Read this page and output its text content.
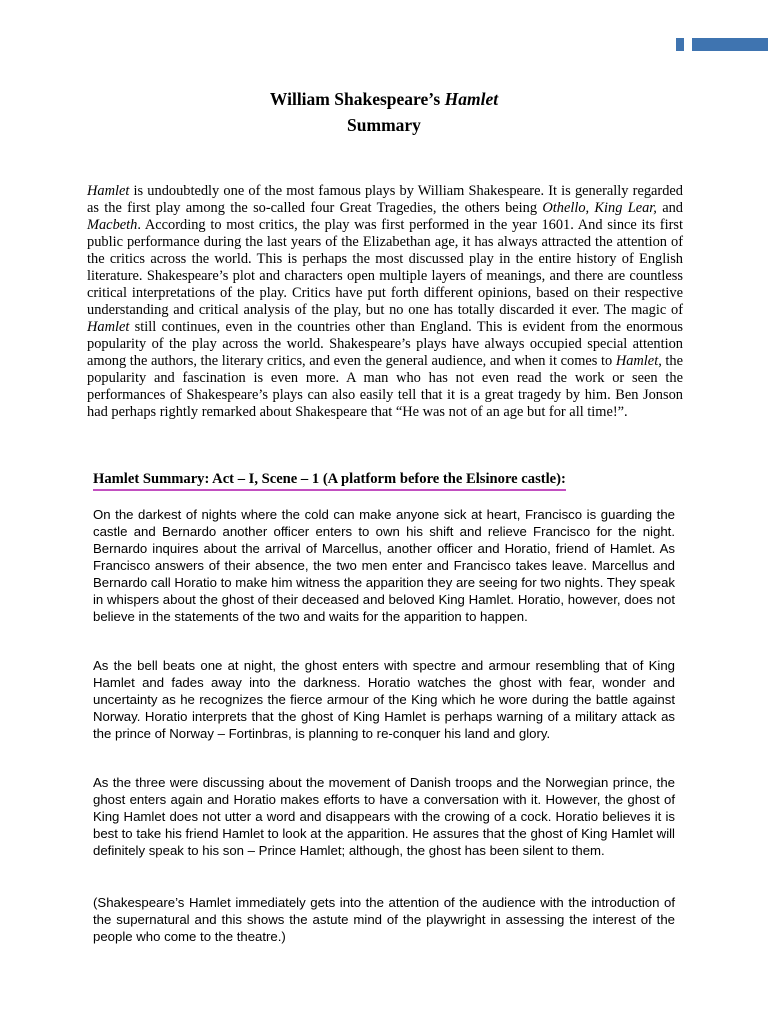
William Shakespeare’s Hamlet
Summary

Hamlet is undoubtedly one of the most famous plays by William Shakespeare. It is generally regarded as the first play among the so-called four Great Tragedies, the others being Othello, King Lear, and Macbeth. According to most critics, the play was first performed in the year 1601. And since its first public performance during the last years of the Elizabethan age, it has always attracted the attention of the critics across the world. This is perhaps the most discussed play in the entire history of English literature. Shakespeare’s plot and characters open multiple layers of meanings, and there are countless critical interpretations of the play. Critics have put forth different opinions, based on their respective understanding and critical analysis of the play, but no one has totally discarded it ever. The magic of Hamlet still continues, even in the countries other than England. This is evident from the enormous popularity of the play across the world. Shakespeare’s plays have always occupied special attention among the authors, the literary critics, and even the general audience, and when it comes to Hamlet, the popularity and fascination is even more. A man who has not even read the work or seen the performances of Shakespeare’s plays can also easily tell that it is a great tragedy by him. Ben Jonson had perhaps rightly remarked about Shakespeare that “He was not of an age but for all time!”.

Hamlet Summary: Act – I, Scene – 1 (A platform before the Elsinore castle):

On the darkest of nights where the cold can make anyone sick at heart, Francisco is guarding the castle and Bernardo another officer enters to own his shift and relieve Francisco for the night. Bernardo inquires about the arrival of Marcellus, another officer and Horatio, friend of Hamlet. As Francisco answers of their absence, the two men enter and Francisco takes leave. Marcellus and Bernardo call Horatio to make him witness the apparition they are seeing for two nights. They speak in whispers about the ghost of their deceased and beloved King Hamlet. Horatio, however, does not believe in the statements of the two and waits for the apparition to happen.

As the bell beats one at night, the ghost enters with spectre and armour resembling that of King Hamlet and fades away into the darkness. Horatio watches the ghost with fear, wonder and uncertainty as he recognizes the fierce armour of the King which he wore during the battle against Norway. Horatio interprets that the ghost of King Hamlet is perhaps warning of a military attack as the prince of Norway – Fortinbras, is planning to re-conquer his land and glory.

As the three were discussing about the movement of Danish troops and the Norwegian prince, the ghost enters again and Horatio makes efforts to have a conversation with it. However, the ghost of King Hamlet does not utter a word and disappears with the crowing of a cock. Horatio believes it is best to take his friend Hamlet to look at the apparition. He assures that the ghost of King Hamlet will definitely speak to his son – Prince Hamlet; although, the ghost has been silent to them.

(Shakespeare’s Hamlet immediately gets into the attention of the audience with the introduction of the supernatural and this shows the astute mind of the playwright in assessing the interest of the people who come to the theatre.)
